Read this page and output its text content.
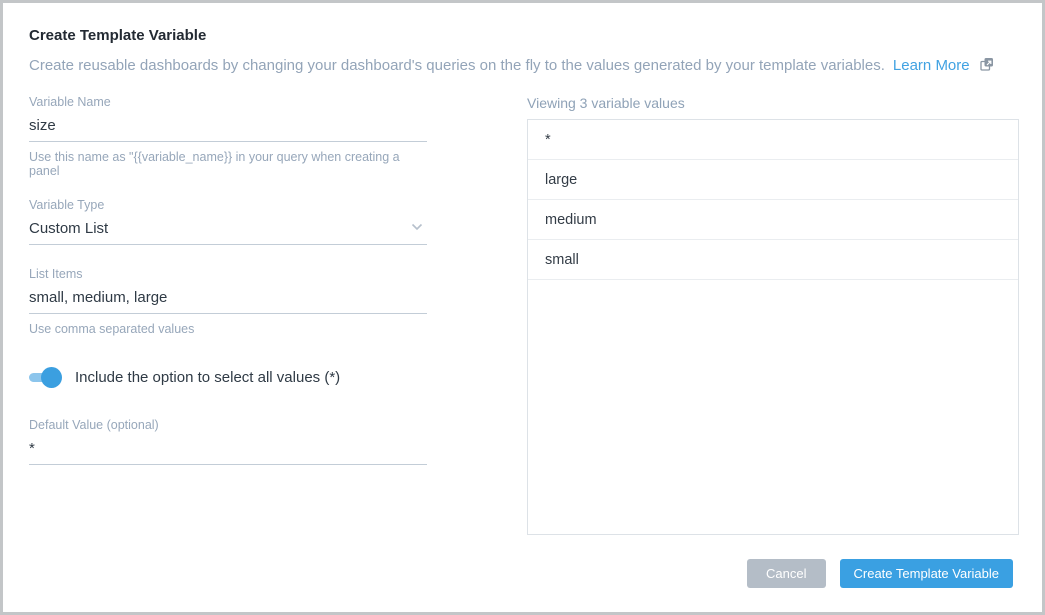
Create Template Variable
Create reusable dashboards by changing your dashboard's queries on the fly to the values generated by your template variables. Learn More
Variable Name
size
Use this name as "{{variable_name}} in your query when creating a panel
Variable Type
Custom List
List Items
small, medium, large
Use comma separated values
Include the option to select all values (*)
Default Value (optional)
*
Viewing 3 variable values
*
large
medium
small
Cancel	Create Template Variable
